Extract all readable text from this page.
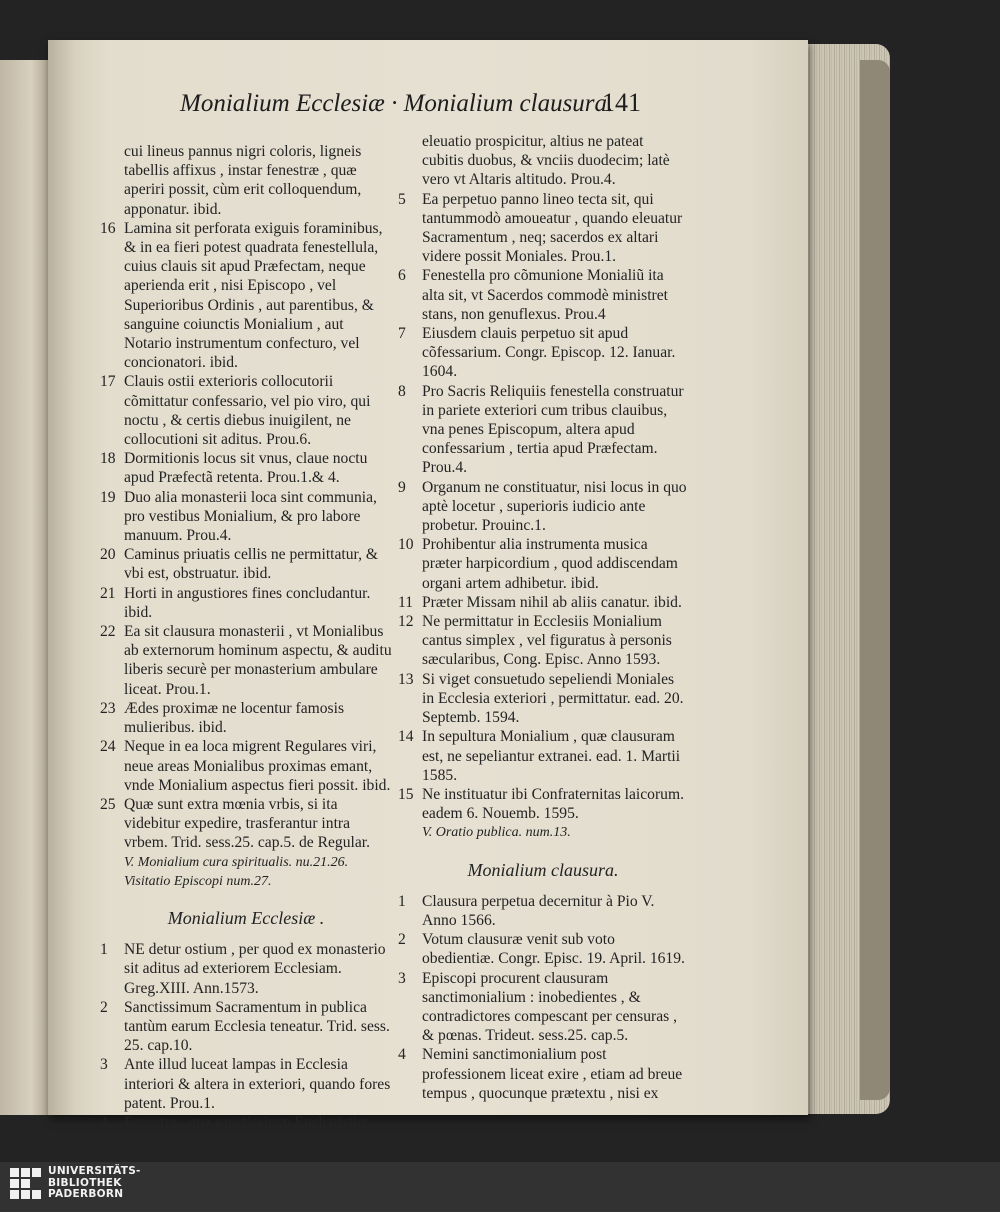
Monialium Ecclesiæ · Monialium clausura.
141
cui lineus pannus nigri coloris, ligneis tabellis affixus , instar fenestræ , quæ aperiri possit, cùm erit colloquendum, apponatur. ibid.
16 Lamina sit perforata exiguis foraminibus, & in ea fieri potest quadrata fenestellula, cuius clauis sit apud Præfectam, neque aperienda erit , nisi Episcopo , vel Superioribus Ordinis , aut parentibus, & sanguine coiunctis Monialium , aut Notario instrumentum confecturo, vel concionatori. ibid.
17 Clauis ostii exterioris collocutorii cõmittatur confessario, vel pio viro, qui noctu , & certis diebus inuigilent, ne collocutioni sit aditus. Prou.6.
18 Dormitionis locus sit vnus, claue noctu apud Præfectã retenta. Prou.1.& 4.
19 Duo alia monasterii loca sint communia, pro vestibus Monialium, & pro labore manuum. Prou.4.
20 Caminus priuatis cellis ne permittatur, & vbi est, obstruatur. ibid.
21 Horti in angustiores fines concludantur. ibid.
22 Ea sit clausura monasterii , vt Monialibus ab externorum hominum aspectu, & auditu liberis securè per monasterium ambulare liceat. Prou.1.
23 Ædes proximæ ne locentur famosis mulieribus. ibid.
24 Neque in ea loca migrent Regulares viri, neue areas Monialibus proximas emant, vnde Monialium aspectus fieri possit. ibid.
25 Quæ sunt extra mœnia vrbis, si ita videbitur expedire, trasferantur intra vrbem. Trid. sess.25. cap.5. de Regular.
V. Monialium cura spiritualis. nu.21.26.
Visitatio Episcopi num.27.
Monialium Ecclesiæ .
1	NE detur ostium , per quod ex monasterio sit aditus ad exteriorem Ecclesiam. Greg.XIII. Ann.1573.
2	Sanctissimum Sacramentum in publica tantùm earum Ecclesia teneatur. Trid. sess. 25. cap.10.
3	Ante illud luceat lampas in Ecclesia interiori & altera in exteriori, quando fores patent. Prou.1.
4	Fenestra , qua sanctissimæ Eucharistiæ
eleuatio prospicitur, altius ne pateat cubitis duobus, & vnciis duodecim; latè vero vt Altaris altitudo. Prou.4.
5	Ea perpetuo panno lineo tecta sit, qui tantummodò amoueatur , quando eleuatur Sacramentum , neq; sacerdos ex altari videre possit Moniales. Prou.1.
6	Fenestella pro cõmunione Monialiũ ita alta sit, vt Sacerdos commodè ministret stans, non genuflexus. Prou.4
7	Eiusdem clauis perpetuo sit apud cõfessarium. Congr. Episcop. 12. Ianuar. 1604.
8	Pro Sacris Reliquiis fenestella construatur in pariete exteriori cum tribus clauibus, vna penes Episcopum, altera apud confessarium , tertia apud Præfectam. Prou.4.
9	Organum ne constituatur, nisi locus in quo aptè locetur , superioris iudicio ante probetur. Prouinc.1.
10 Prohibentur alia instrumenta musica præter harpicordium , quod addiscendam organi artem adhibetur. ibid.
11 Præter Missam nihil ab aliis canatur. ibid.
12 Ne permittatur in Ecclesiis Monialium cantus simplex , vel figuratus à personis sæcularibus, Cong. Episc. Anno 1593.
13 Si viget consuetudo sepeliendi Moniales in Ecclesia exteriori , permittatur. ead. 20. Septemb. 1594.
14 In sepultura Monialium , quæ clausuram est, ne sepeliantur extranei. ead. 1. Martii 1585.
15 Ne instituatur ibi Confraternitas laicorum. eadem 6. Nouemb. 1595.
V. Oratio publica. num.13.
Monialium clausura.
1	Clausura perpetua decernitur à Pio V. Anno 1566.
2	Votum clausuræ venit sub voto obedientiæ. Congr. Episc. 19. April. 1619.
3	Episcopi procurent clausuram sanctimonialium : inobedientes , & contradictores compescant per censuras , & pœnas. Trideut. sess.25. cap.5.
4	Nemini sanctimonialium post professionem liceat exire , etiam ad breue tempus , quocunque prætextu , nisi ex
UNIVERSITÄTS-
BIBLIOTHEK
PADERBORN
